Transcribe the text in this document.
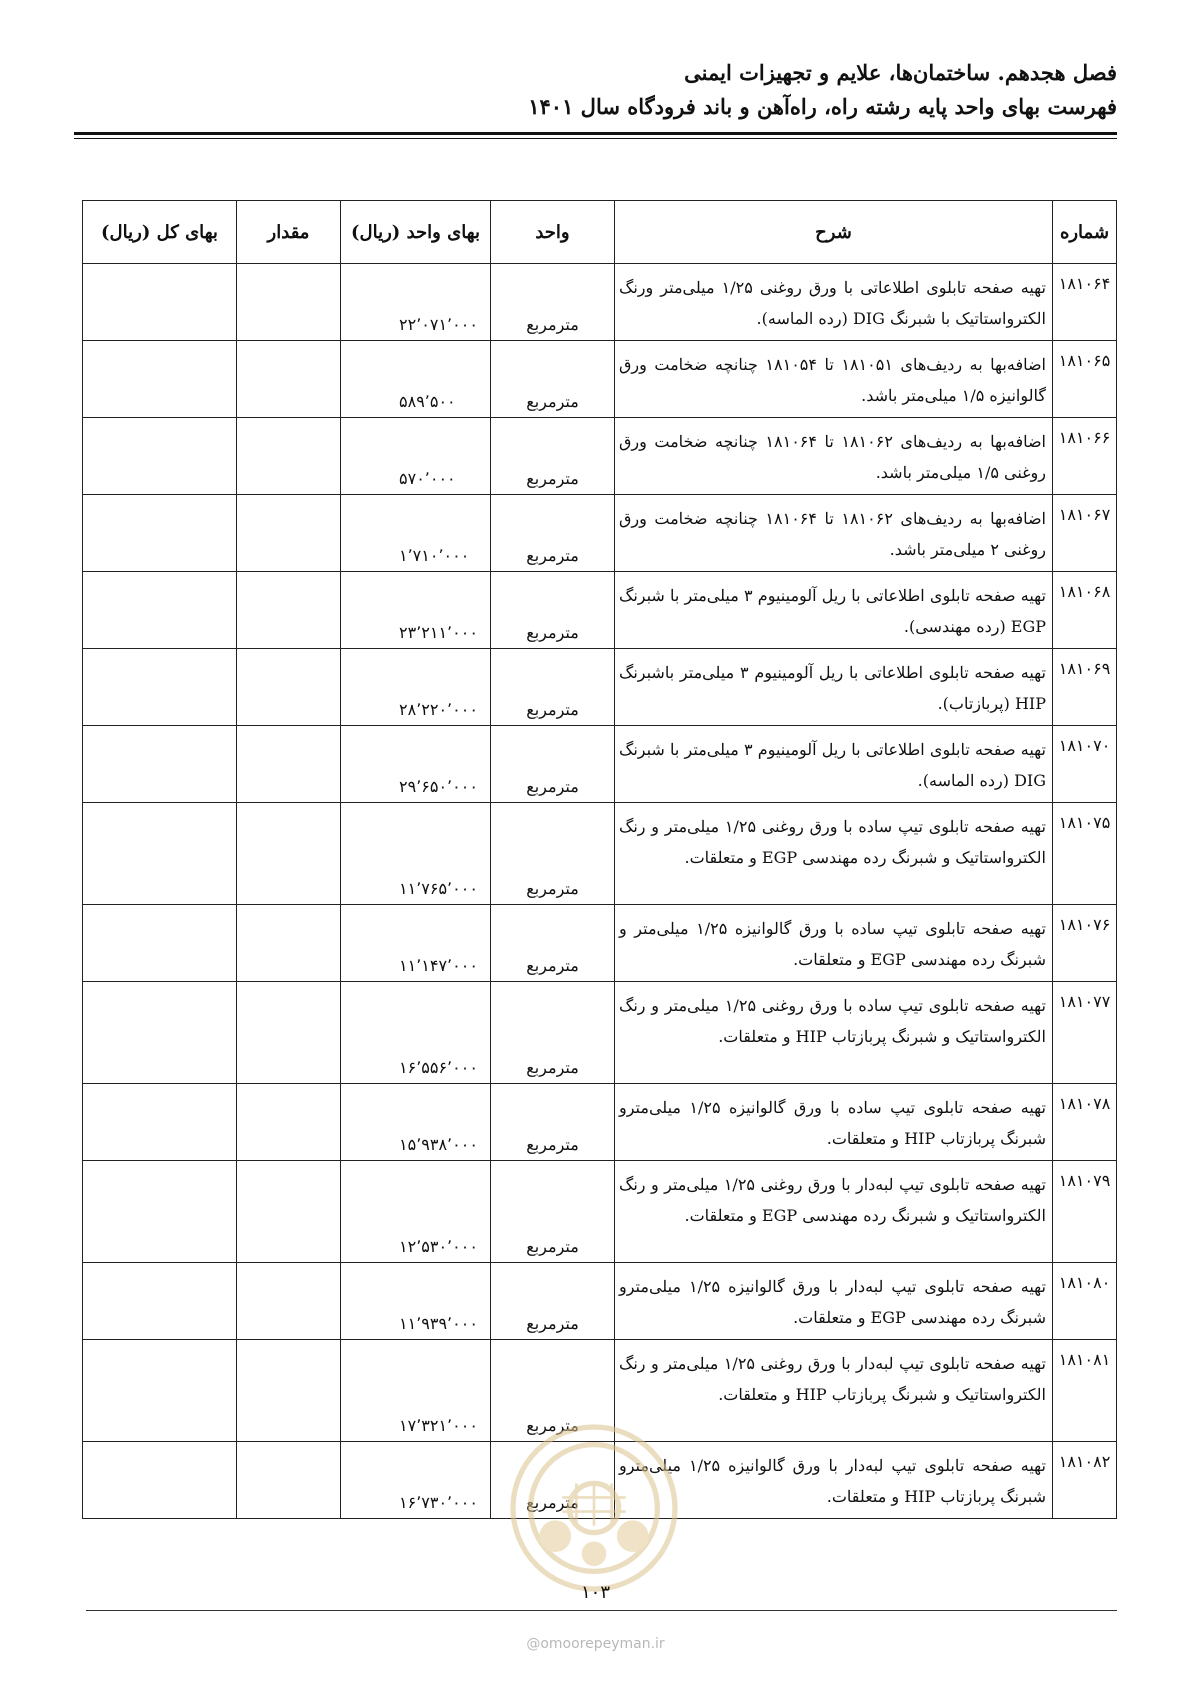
فصل هجدهم. ساختمان‌ها، علایم و تجهیزات ایمنی
فهرست بهای واحد پایه رشته راه، راه‌آهن و باند فرودگاه سال ۱۴۰۱
شماره	شرح	واحد	بهای واحد (ریال)	مقدار	بهای کل (ریال)
۱۸۱۰۶۴	تهیه صفحه تابلوی اطلاعاتی با ورق روغنی ۱/۲۵ میلی‌متر ورنگ الکترواستاتیک با شبرنگ DIG (رده الماسه).	مترمربع	۲۲٬۰۷۱٬۰۰۰		
۱۸۱۰۶۵	اضافه‌بها به ردیف‌های ۱۸۱۰۵۱ تا ۱۸۱۰۵۴ چنانچه ضخامت ورق گالوانیزه ۱/۵ میلی‌متر باشد.	مترمربع	۵۸۹٬۵۰۰		
۱۸۱۰۶۶	اضافه‌بها به ردیف‌های ۱۸۱۰۶۲ تا ۱۸۱۰۶۴ چنانچه ضخامت ورق روغنی ۱/۵ میلی‌متر باشد.	مترمربع	۵۷۰٬۰۰۰		
۱۸۱۰۶۷	اضافه‌بها به ردیف‌های ۱۸۱۰۶۲ تا ۱۸۱۰۶۴ چنانچه ضخامت ورق روغنی ۲ میلی‌متر باشد.	مترمربع	۱٬۷۱۰٬۰۰۰		
۱۸۱۰۶۸	تهیه صفحه تابلوی اطلاعاتی با ریل آلومینیوم ۳ میلی‌متر با شبرنگ EGP (رده مهندسی).	مترمربع	۲۳٬۲۱۱٬۰۰۰		
۱۸۱۰۶۹	تهیه صفحه تابلوی اطلاعاتی با ریل آلومینیوم ۳ میلی‌متر باشبرنگ HIP (پربازتاب).	مترمربع	۲۸٬۲۲۰٬۰۰۰		
۱۸۱۰۷۰	تهیه صفحه تابلوی اطلاعاتی با ریل آلومینیوم ۳ میلی‌متر با شبرنگ DIG (رده الماسه).	مترمربع	۲۹٬۶۵۰٬۰۰۰		
۱۸۱۰۷۵	تهیه صفحه تابلوی تیپ ساده با ورق روغنی ۱/۲۵ میلی‌متر و رنگ الکترواستاتیک و شبرنگ رده مهندسی EGP و متعلقات.	مترمربع	۱۱٬۷۶۵٬۰۰۰		
۱۸۱۰۷۶	تهیه صفحه تابلوی تیپ ساده با ورق گالوانیزه ۱/۲۵ میلی‌متر و شبرنگ رده مهندسی EGP و متعلقات.	مترمربع	۱۱٬۱۴۷٬۰۰۰		
۱۸۱۰۷۷	تهیه صفحه تابلوی تیپ ساده با ورق روغنی ۱/۲۵ میلی‌متر و رنگ الکترواستاتیک و شبرنگ پربازتاب HIP و متعلقات.	مترمربع	۱۶٬۵۵۶٬۰۰۰		
۱۸۱۰۷۸	تهیه صفحه تابلوی تیپ ساده با ورق گالوانیزه ۱/۲۵ میلی‌مترو شبرنگ پربازتاب HIP و متعلقات.	مترمربع	۱۵٬۹۳۸٬۰۰۰		
۱۸۱۰۷۹	تهیه صفحه تابلوی تیپ لبه‌دار با ورق روغنی ۱/۲۵ میلی‌متر و رنگ الکترواستاتیک و شبرنگ رده مهندسی EGP و متعلقات.	مترمربع	۱۲٬۵۳۰٬۰۰۰		
۱۸۱۰۸۰	تهیه صفحه تابلوی تیپ لبه‌دار با ورق گالوانیزه ۱/۲۵ میلی‌مترو شبرنگ رده مهندسی EGP و متعلقات.	مترمربع	۱۱٬۹۳۹٬۰۰۰		
۱۸۱۰۸۱	تهیه صفحه تابلوی تیپ لبه‌دار با ورق روغنی ۱/۲۵ میلی‌متر و رنگ الکترواستاتیک و شبرنگ پربازتاب HIP و متعلقات.	مترمربع	۱۷٬۳۲۱٬۰۰۰		
۱۸۱۰۸۲	تهیه صفحه تابلوی تیپ لبه‌دار با ورق گالوانیزه ۱/۲۵ میلی‌مترو شبرنگ پربازتاب HIP و متعلقات.	مترمربع	۱۶٬۷۳۰٬۰۰۰		
۱۰۳
@omoorepeyman.ir
